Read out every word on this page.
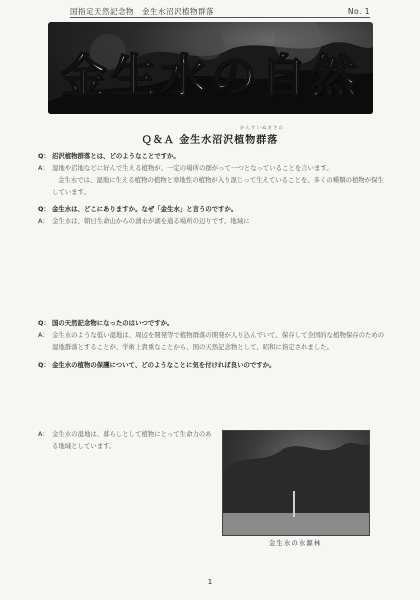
国指定天然記念物　金生水沼沢植物群落	No. 1
金生水の自然
かんすいぬまさわ
Ｑ＆Ａ 金生水沼沢植物群落
Q： 沼沢植物群落とは、どのようなことですか。
A： 湿地や沼地などに好んで生える植物が、一定の場所の群がって一つとなっていることを言います。

金生水では、湿地に生える植物の植物と寒地性の植物が入り混じって生えていることを、多くの種類の植物が保生しています。

Q： 金生水は、どこにありますか。なぜ「金生水」と言うのですか。
A： 金生水は、朝日生命山からの湧水が湖を通る場所の辺りです。地域に

Q： 国の天然記念物になったのはいつですか。
A： 金生水のような低い湿地は、周辺を開発等で植物群落の開発が人り込んでいて、保存して全国的な植物保存のための湿地群落とすることが、学術上貴重なことから、国の天然記念物として、昭和に指定されました。

Q： 金生水の植物の保護について、どのようなことに気を付ければ良いのですか。
A： 金生水の湿地は、暮らしとして植物にとって生命力のある地域としています。

金生水の水源林
1
